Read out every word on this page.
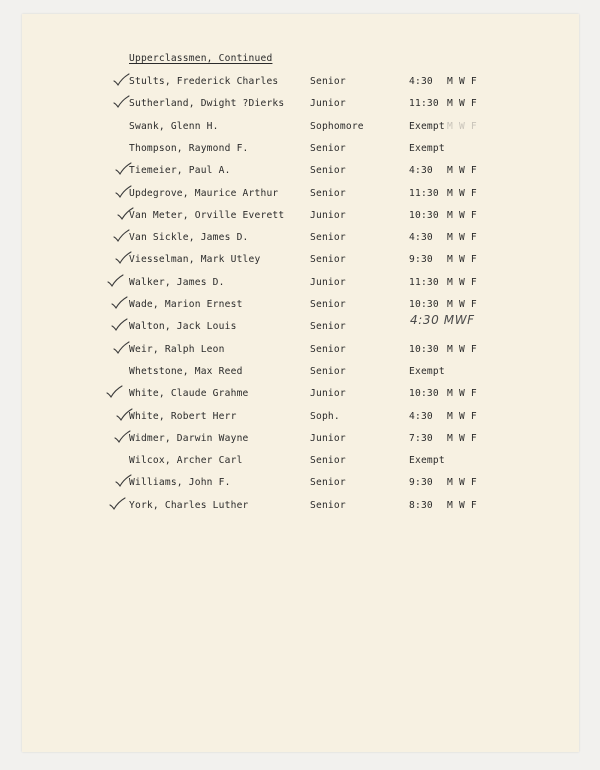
Upperclassmen, Continued
Stults, Frederick Charles	Senior	4:30 M W F
Sutherland, Dwight ?Dierks	Junior	11:30 M W F
Swank, Glenn H.	Sophomore	Exempt M W F
Thompson, Raymond F.	Senior	Exempt
Tiemeier, Paul A.	Senior	4:30 M W F
Updegrove, Maurice Arthur	Senior	11:30 M W F
Van Meter, Orville Everett	Junior	10:30 M W F
Van Sickle, James D.	Senior	4:30 M W F
Viesselman, Mark Utley	Senior	9:30 M W F
Walker, James D.	Junior	11:30 M W F
Wade, Marion Ernest	Senior	10:30 M W F
Walton, Jack Louis	Senior	4:30 MWF
Weir, Ralph Leon	Senior	10:30 M W F
Whetstone, Max Reed	Senior	Exempt
White, Claude Grahme	Junior	10:30 M W F
White, Robert Herr	Soph.	4:30 M W F
Widmer, Darwin Wayne	Junior	7:30 M W F
Wilcox, Archer Carl	Senior	Exempt
Williams, John F.	Senior	9:30 M W F
York, Charles Luther	Senior	8:30 M W F
